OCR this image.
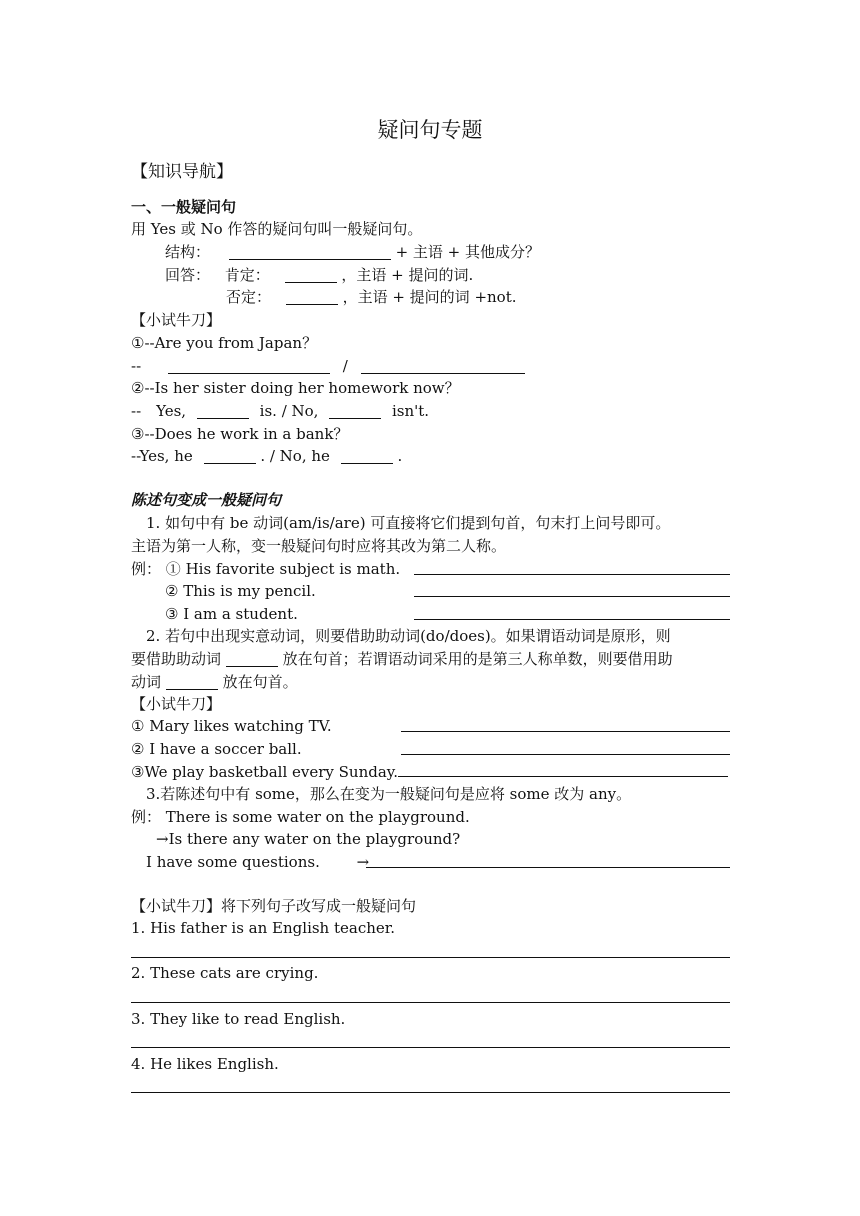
疑问句专题
【知识导航】
一、一般疑问句
用 Yes 或 No 作答的疑问句叫一般疑问句。
结构：	+ 主语 + 其他成分？
回答： 肯定：	，主语 + 提问的词.
否定：	，主语 + 提问的词 +not.
【小试牛刀】
①--Are you from Japan？
--	/
②--Is her sister doing her homework now？
--　Yes,	is. / No,	isn't.
③--Does he work in a bank？
--Yes, he	. / No, he	.
陈述句变成一般疑问句
1. 如句中有 be 动词(am/is/are) 可直接将它们提到句首，句末打上问号即可。
主语为第一人称，变一般疑问句时应将其改为第二人称。
例： ① His favorite subject is math.
② This is my pencil.
③ I am a student.
2. 若句中出现实意动词，则要借助助动词(do/does)。如果谓语动词是原形，则
要借助助动词	放在句首；若谓语动词采用的是第三人称单数，则要借用助
动词	放在句首。
【小试牛刀】
① Mary likes watching TV.
② I have a soccer ball.
③We play basketball every Sunday.
3.若陈述句中有 some，那么在变为一般疑问句是应将 some 改为 any。
例： There is some water on the playground.
→Is there any water on the playground?
I have some questions. →
【小试牛刀】将下列句子改写成一般疑问句
1. His father is an English teacher.
2. These cats are crying.
3. They like to read English.
4. He likes English.
